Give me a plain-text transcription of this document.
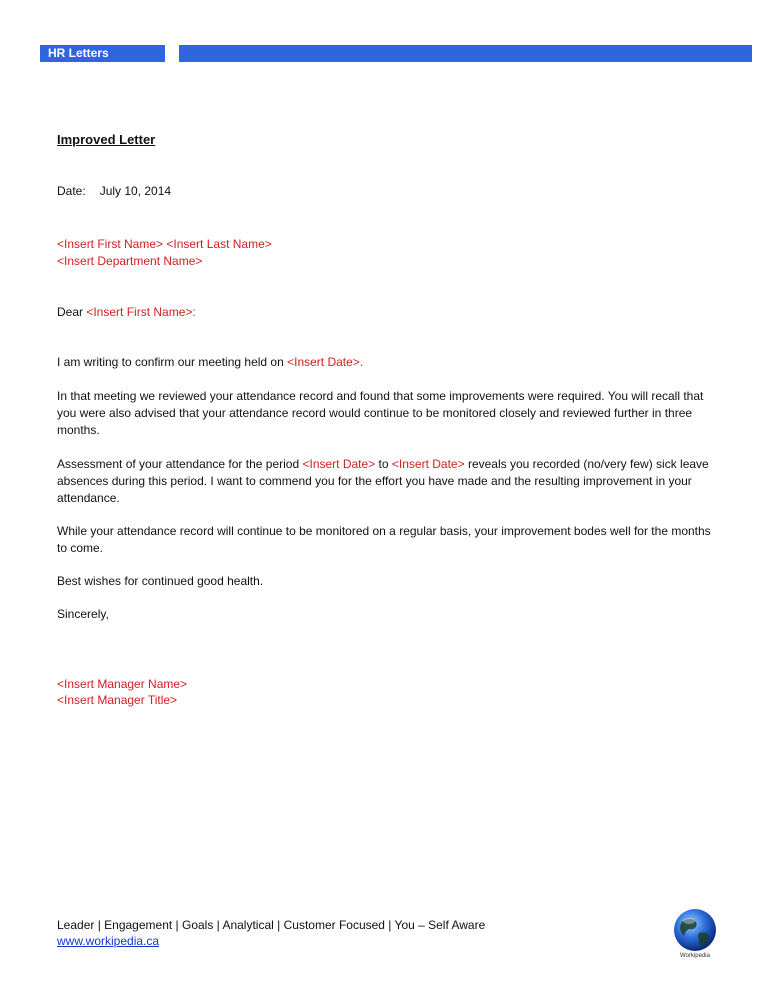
HR Letters
Improved Letter
Date: July 10, 2014
<Insert First Name> <Insert Last Name>
<Insert Department Name>
Dear <Insert First Name>:
I am writing to confirm our meeting held on <Insert Date>.
In that meeting we reviewed your attendance record and found that some improvements were required. You will recall that you were also advised that your attendance record would continue to be monitored closely and reviewed further in three months.
Assessment of your attendance for the period <Insert Date> to <Insert Date> reveals you recorded (no/very few) sick leave absences during this period. I want to commend you for the effort you have made and the resulting improvement in your attendance.
While your attendance record will continue to be monitored on a regular basis, your improvement bodes well for the months to come.
Best wishes for continued good health.
Sincerely,
<Insert Manager Name>
<Insert Manager Title>
Leader | Engagement | Goals | Analytical | Customer Focused | You – Self Aware
www.workipedia.ca
Workipedia
